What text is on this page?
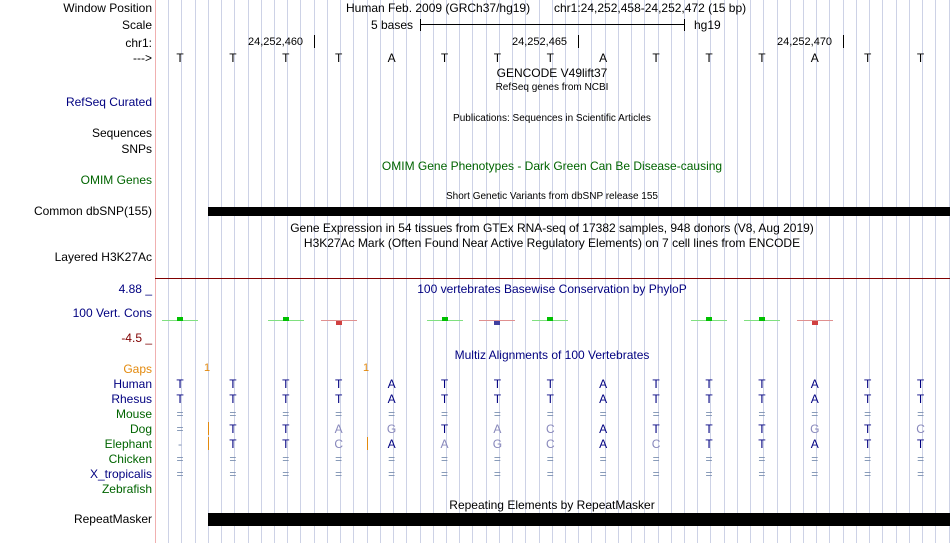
Window Position	Human Feb. 2009 (GRCh37/hg19) chr1:24,252,458-24,252,472 (15 bp)
Scale	5 bases	hg19
chr1:	24,252,460	24,252,465	24,252,470
---> T	T	T	T	A	T	T	T	A	T	T	T	A	T	T
GENCODE V49lift37
RefSeq genes from NCBI
RefSeq Curated
Publications: Sequences in Scientific Articles
Sequences
SNPs
OMIM Gene Phenotypes - Dark Green Can Be Disease-causing
OMIM Genes
Short Genetic Variants from dbSNP release 155
Common dbSNP(155)
Gene Expression in 54 tissues from GTEx RNA-seq of 17382 samples, 948 donors (V8, Aug 2019)
H3K27Ac Mark (Often Found Near Active Regulatory Elements) on 7 cell lines from ENCODE
Layered H3K27Ac
100 vertebrates Basewise Conservation by PhyloP
4.88 _
100 Vert. Cons
-4.5 _
Multiz Alignments of 100 Vertebrates
Gaps	1	1
Human T	T	T	T	A	T	T	T	A	T	T	T	A	T	T
Rhesus T	T	T	T	A	T	T	T	A	T	T	T	A	T	T
Mouse =	=	=	=	=	=	=	=	=	=	=	=	=	=	=
Dog =	T	T	A	G	T	A	C	A	T	T	T	G	T	C
Elephant -	T	T	C	A	A	G	C	A	C	T	T	A	T	T
Chicken =	=	=	=	=	=	=	=	=	=	=	=	=	=	=
X_tropicalis =	=	=	=	=	=	=	=	=	=	=	=	=	=	=
Zebrafish
Repeating Elements by RepeatMasker
RepeatMasker
